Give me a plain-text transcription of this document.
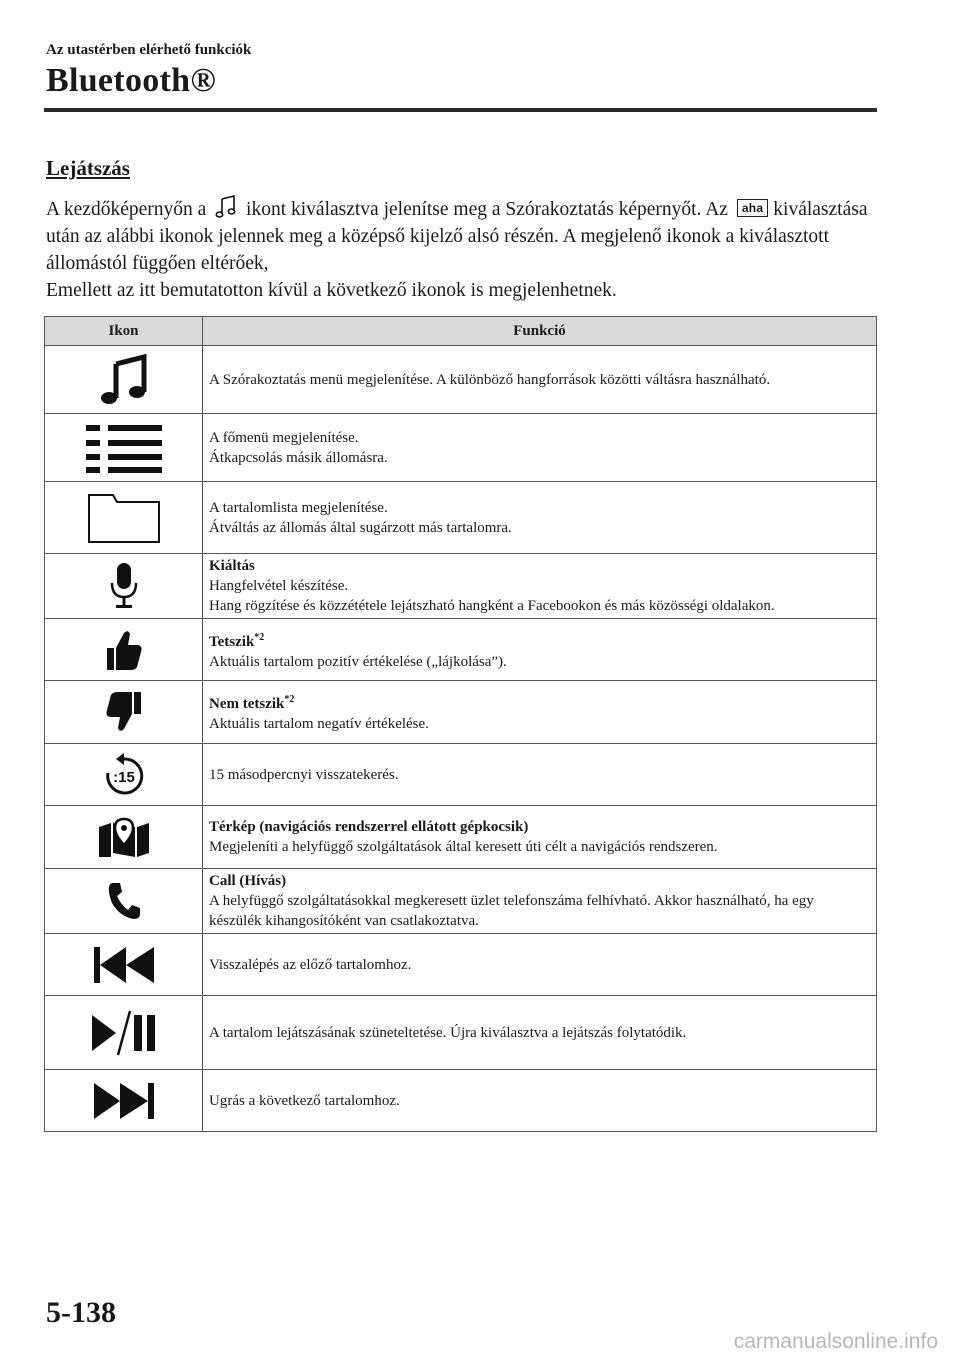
Az utastérben elérhető funkciók
Bluetooth®
Lejátszás
A kezdőképernyőn a ikont kiválasztva jelenítse meg a Szórakoztatás képernyőt. Az aha kiválasztása után az alábbi ikonok jelennek meg a középső kijelző alsó részén. A megjelenő ikonok a kiválasztott állomástól függően eltérőek,
Emellett az itt bemutatotton kívül a következő ikonok is megjelenhetnek.
Ikon	Funkció

A Szórakoztatás menü megjelenítése. A különböző hangforrások közötti váltásra használható.

A főmenü megjelenítése.
Átkapcsolás másik állomásra.

A tartalomlista megjelenítése.
Átváltás az állomás által sugárzott más tartalomra.

Kiáltás
Hangfelvétel készítése.
Hang rögzítése és közzététele lejátszható hangként a Facebookon és más közösségi oldalakon.

Tetszik$^{*2}$
Aktuális tartalom pozitív értékelése („lájkolása”).

Nem tetszik$^{*2}$
Aktuális tartalom negatív értékelése.

:15	15 másodpercnyi visszatekerés.

Térkép (navigációs rendszerrel ellátott gépkocsik)
Megjeleníti a helyfüggő szolgáltatások által keresett úti célt a navigációs rendszeren.

Call (Hívás)
A helyfüggő szolgáltatásokkal megkeresett üzlet telefonszáma felhívható. Akkor használható, ha egy készülék kihangosítóként van csatlakoztatva.

Visszalépés az előző tartalomhoz.

A tartalom lejátszásának szüneteltetése. Újra kiválasztva a lejátszás folytatódik.

Ugrás a következő tartalomhoz.
5-138
carmanualsonline.info
